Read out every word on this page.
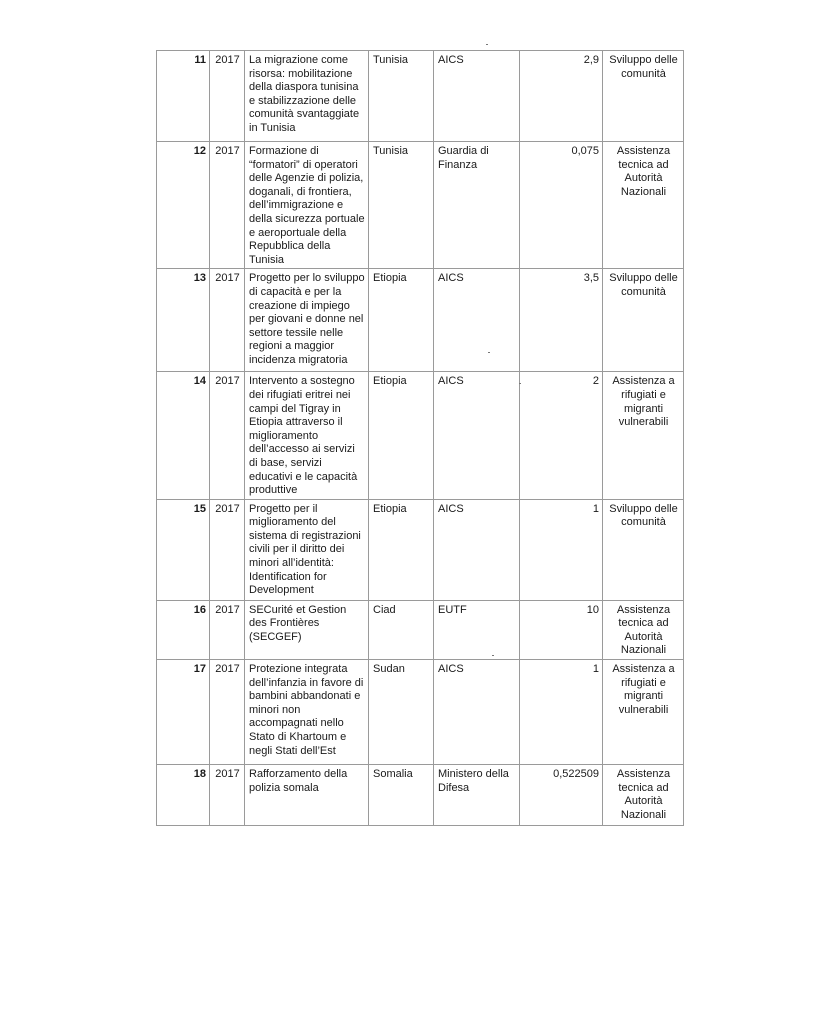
11	2017	La migrazione come risorsa: mobilitazione della diaspora tunisina e stabilizzazione delle comunità svantaggiate in Tunisia	Tunisia	AICS	2,9	Sviluppo delle comunità
12	2017	Formazione di “formatori” di operatori delle Agenzie di polizia, doganali, di frontiera, dell’immigrazione e della sicurezza portuale e aeroportuale della Repubblica della Tunisia	Tunisia	Guardia di Finanza	0,075	Assistenza tecnica ad Autorità Nazionali
13	2017	Progetto per lo sviluppo di capacità e per la creazione di impiego per giovani e donne nel settore tessile nelle regioni a maggior incidenza migratoria	Etiopia	AICS	3,5	Sviluppo delle comunità
14	2017	Intervento a sostegno dei rifugiati eritrei nei campi del Tigray in Etiopia attraverso il miglioramento dell’accesso ai servizi di base, servizi educativi e le capacità produttive	Etiopia	AICS	2	Assistenza a rifugiati e migranti vulnerabili
15	2017	Progetto per il miglioramento del sistema di registrazioni civili per il diritto dei minori all’identità: Identification for Development	Etiopia	AICS	1	Sviluppo delle comunità
16	2017	SECurité et Gestion des Frontières (SECGEF)	Ciad	EUTF	10	Assistenza tecnica ad Autorità Nazionali
17	2017	Protezione integrata dell’infanzia in favore di bambini abbandonati e minori non accompagnati nello Stato di Khartoum e negli Stati dell’Est	Sudan	AICS	1	Assistenza a rifugiati e migranti vulnerabili
18	2017	Rafforzamento della polizia somala	Somalia	Ministero della Difesa	0,522509	Assistenza tecnica ad Autorità Nazionali
